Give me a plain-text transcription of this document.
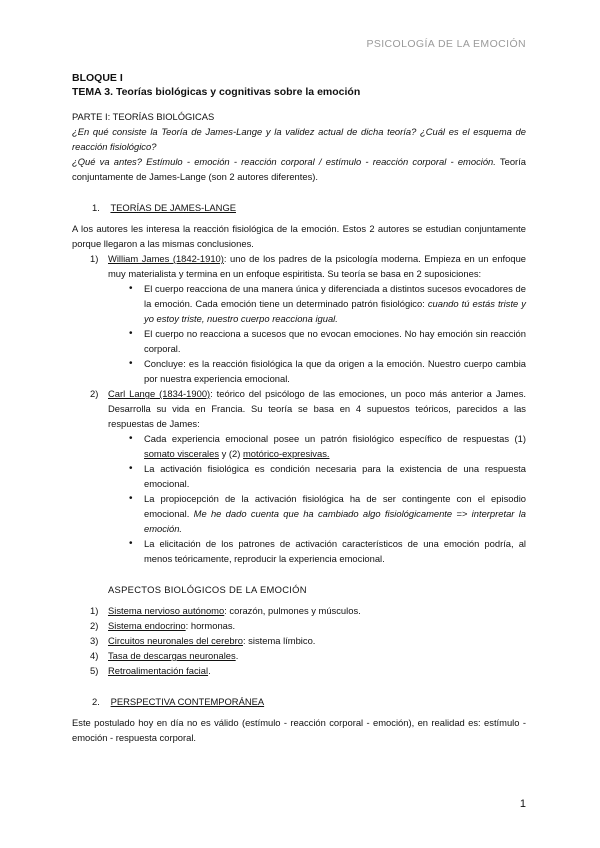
PSICOLOGÍA DE LA EMOCIÓN

BLOQUE I

TEMA 3. Teorías biológicas y cognitivas sobre la emoción

PARTE I: TEORÍAS BIOLÓGICAS

¿En qué consiste la Teoría de James-Lange y la validez actual de dicha teoría? ¿Cuál es el esquema de reacción fisiológico?

¿Qué va antes? Estímulo - emoción - reacción corporal / estímulo - reacción corporal - emoción. Teoría conjuntamente de James-Lange (son 2 autores diferentes).

1. TEORÍAS DE JAMES-LANGE

A los autores les interesa la reacción fisiológica de la emoción. Estos 2 autores se estudian conjuntamente porque llegaron a las mismas conclusiones.

1) William James (1842-1910): uno de los padres de la psicología moderna. Empieza en un enfoque muy materialista y termina en un enfoque espiritista. Su teoría se basa en 2 suposiciones:
• El cuerpo reacciona de una manera única y diferenciada a distintos sucesos evocadores de la emoción. Cada emoción tiene un determinado patrón fisiológico: cuando tú estás triste y yo estoy triste, nuestro cuerpo reacciona igual.
• El cuerpo no reacciona a sucesos que no evocan emociones. No hay emoción sin reacción corporal.
• Concluye: es la reacción fisiológica la que da origen a la emoción. Nuestro cuerpo cambia por nuestra experiencia emocional.
2) Carl Lange (1834-1900): teórico del psicólogo de las emociones, un poco más anterior a James. Desarrolla su vida en Francia. Su teoría se basa en 4 supuestos teóricos, parecidos a las respuestas de James:
• Cada experiencia emocional posee un patrón fisiológico específico de respuestas (1) somato viscerales y (2) motórico-expresivas.
• La activación fisiológica es condición necesaria para la existencia de una respuesta emocional.
• La propiocepción de la activación fisiológica ha de ser contingente con el episodio emocional. Me he dado cuenta que ha cambiado algo fisiológicamente => interpretar la emoción.
• La elicitación de los patrones de activación característicos de una emoción podría, al menos teóricamente, reproducir la experiencia emocional.

ASPECTOS BIOLÓGICOS DE LA EMOCIÓN

1) Sistema nervioso autónomo: corazón, pulmones y músculos.
2) Sistema endocrino: hormonas.
3) Circuitos neuronales del cerebro: sistema límbico.
4) Tasa de descargas neuronales.
5) Retroalimentación facial.
2. PERSPECTIVA CONTEMPORÁNEA

Este postulado hoy en día no es válido (estímulo - reacción corporal - emoción), en realidad es: estímulo - emoción - respuesta corporal.

1
